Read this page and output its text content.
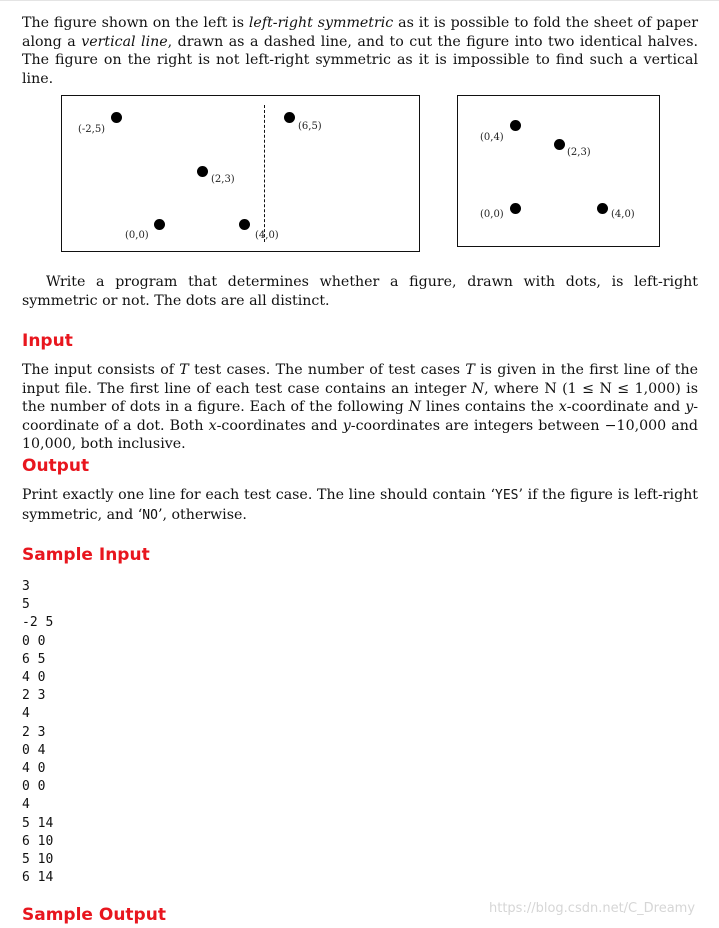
The figure shown on the left is left-right symmetric as it is possible to fold the sheet of paper along a vertical line, drawn as a dashed line, and to cut the figure into two identical halves. The figure on the right is not left-right symmetric as it is impossible to find such a vertical line.

(-2,5)	(6,5)
(2,3)
(0,0)	(4,0)
(0,4)
(2,3)
(0,0)	(4,0)

Write a program that determines whether a figure, drawn with dots, is left-right symmetric or not. The dots are all distinct.

Input

The input consists of T test cases. The number of test cases T is given in the first line of the input file. The first line of each test case contains an integer N, where N (1 ≤ N ≤ 1,000) is the number of dots in a figure. Each of the following N lines contains the x-coordinate and y-coordinate of a dot. Both x-coordinates and y-coordinates are integers between −10,000 and 10,000, both inclusive.

Output

Print exactly one line for each test case. The line should contain ‘YES’ if the figure is left-right symmetric, and ‘NO’, otherwise.

Sample Input
3
5
-2 5
0 0
6 5
4 0
2 3
4
2 3
0 4
4 0
0 0
4
5 14
6 10
5 10
6 14
Sample Output	https://blog.csdn.net/C_Dreamy
